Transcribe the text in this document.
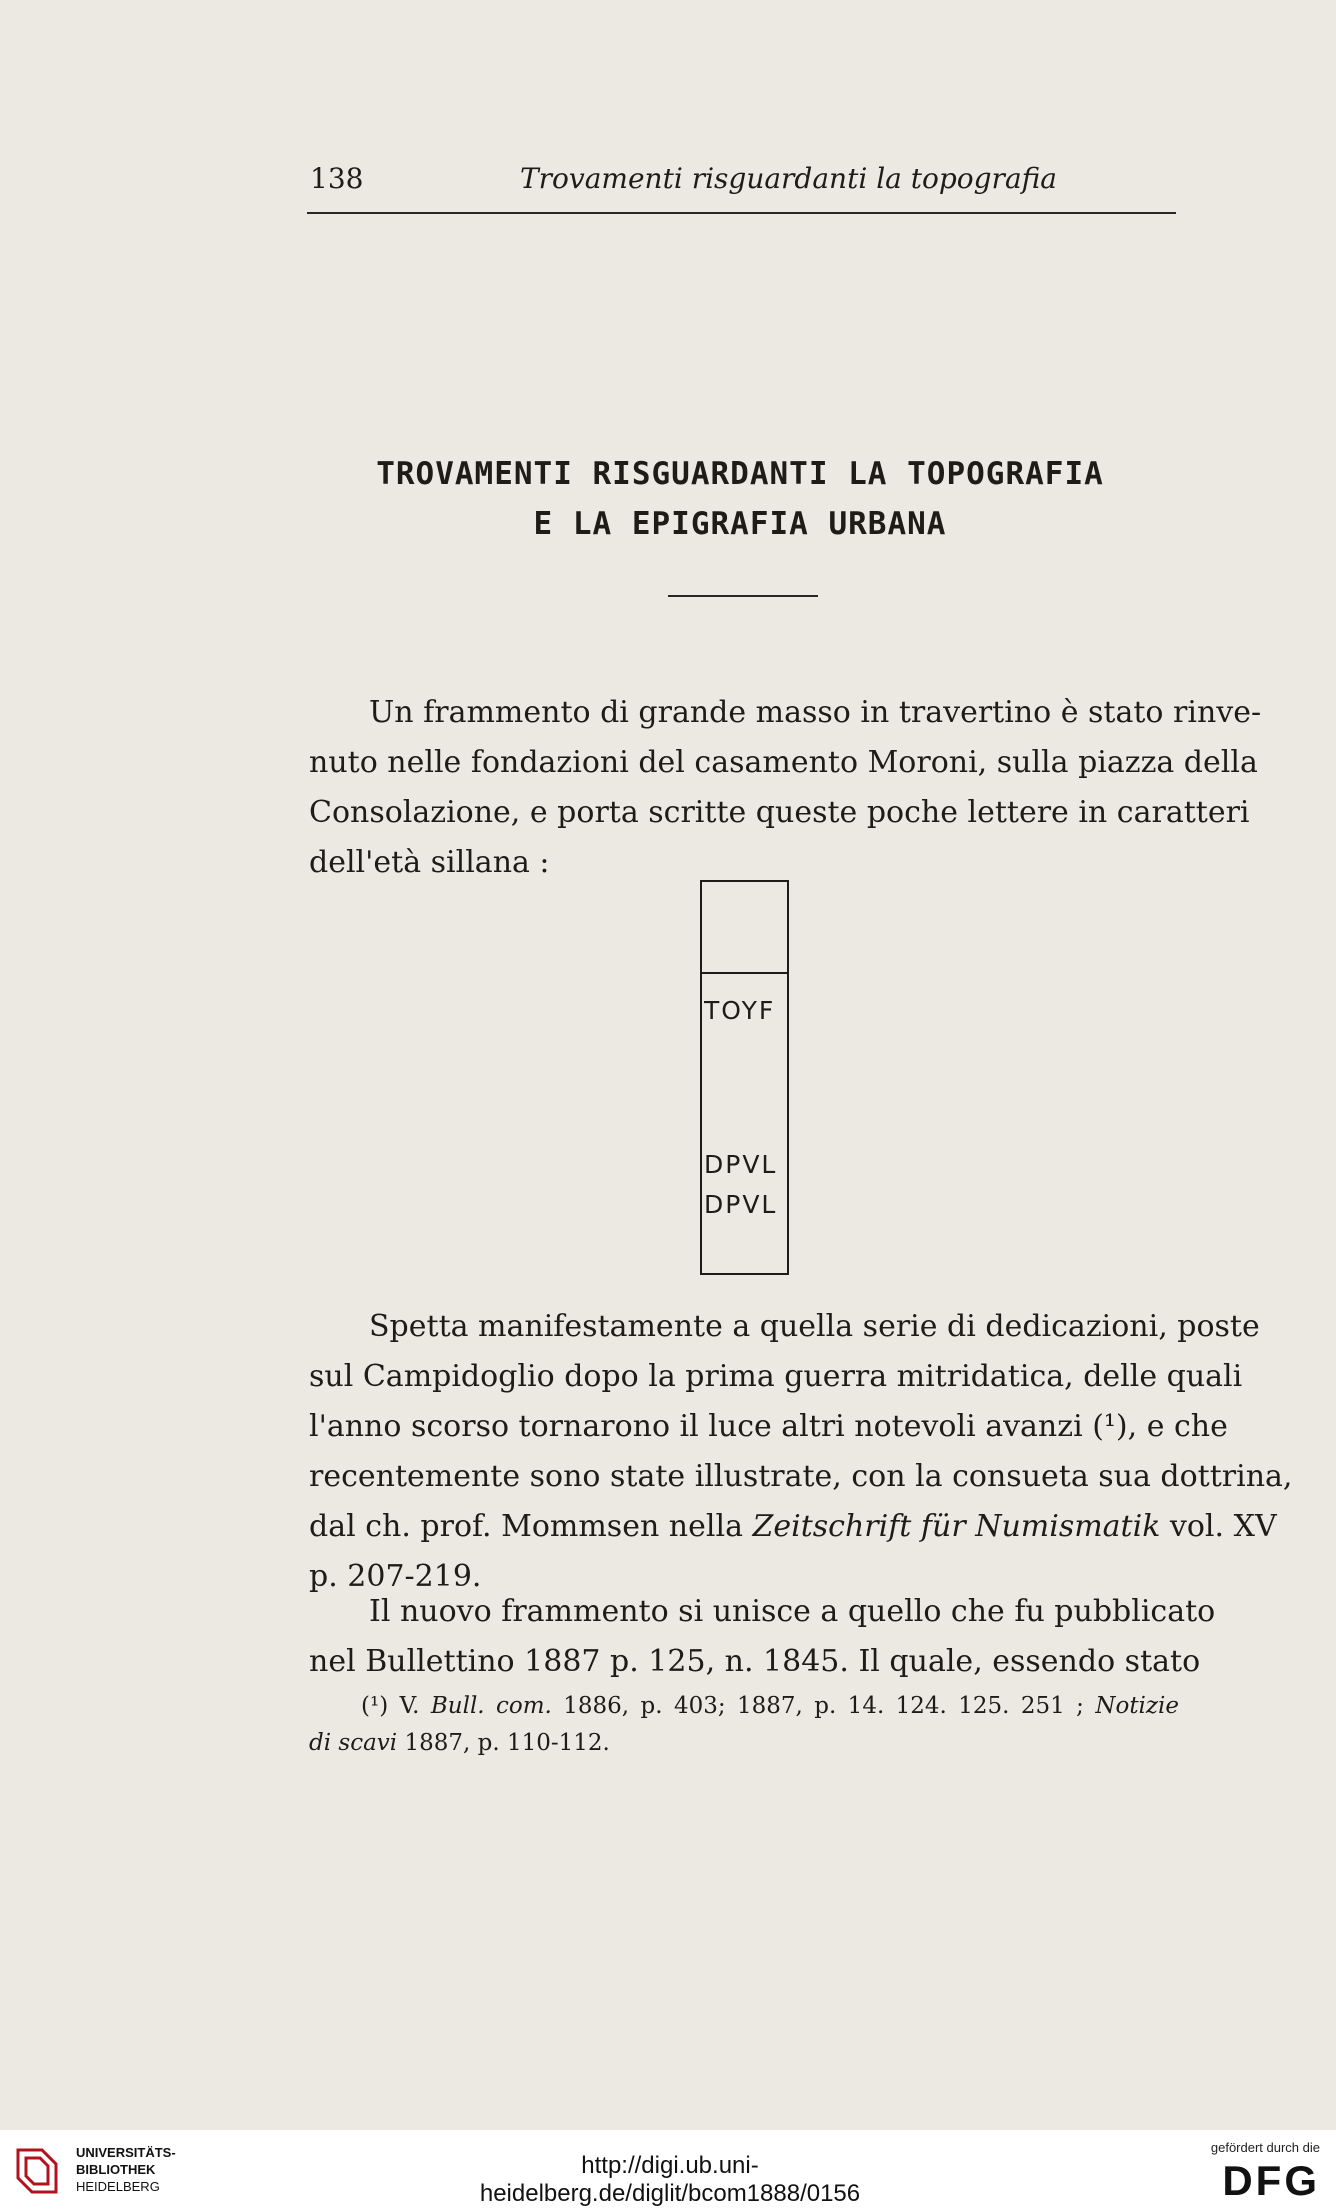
138	Trovamenti risguardanti la topografia
TROVAMENTI RISGUARDANTI LA TOPOGRAFIA
E LA EPIGRAFIA URBANA
Un frammento di grande masso in travertino è stato rinve-
nuto nelle fondazioni del casamento Moroni, sulla piazza della
Consolazione, e porta scritte queste poche lettere in caratteri
dell'età sillana :
TOYF
DPVL
DPVL
Spetta manifestamente a quella serie di dedicazioni, poste
sul Campidoglio dopo la prima guerra mitridatica, delle quali
l'anno scorso tornarono il luce altri notevoli avanzi (¹), e che
recentemente sono state illustrate, con la consueta sua dottrina,
dal ch. prof. Mommsen nella Zeitschrift für Numismatik vol. XV
p. 207-219.
Il nuovo frammento si unisce a quello che fu pubblicato
nel Bullettino 1887 p. 125, n. 1845. Il quale, essendo stato
(¹) V. Bull. com. 1886, p. 403; 1887, p. 14. 124. 125. 251 ; Notizie
di scavi 1887, p. 110-112.
UNIVERSITÄTS-
BIBLIOTHEK
HEIDELBERG
http://digi.ub.uni-heidelberg.de/diglit/bcom1888/0156
gefördert durch die
DFG
